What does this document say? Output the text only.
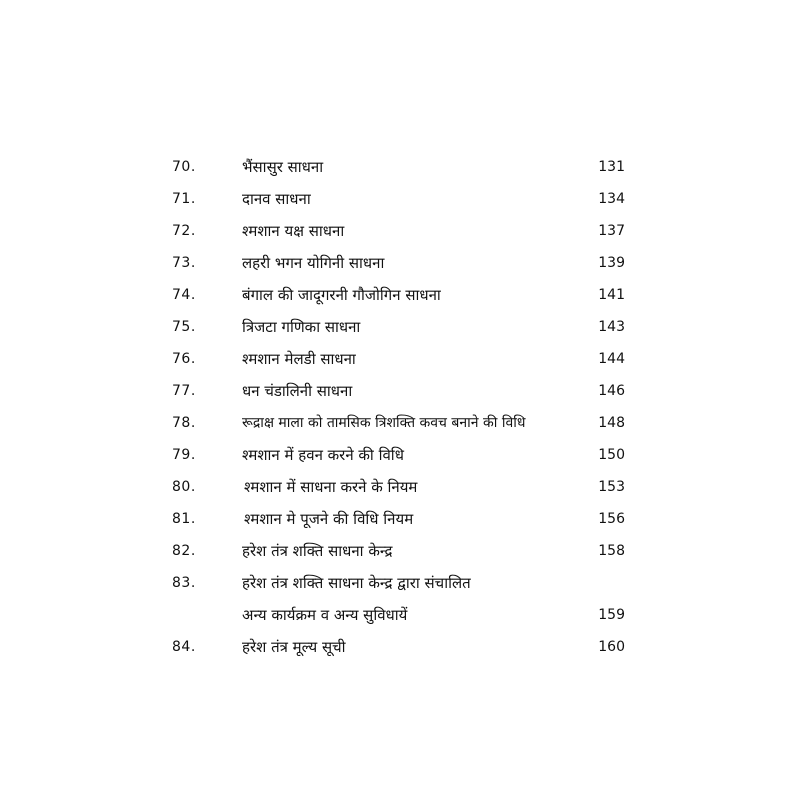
70.	भैंसासुर साधना	131
71.	दानव साधना	134
72.	श्मशान यक्ष साधना	137
73.	लहरी भगन योगिनी साधना	139
74.	बंगाल की जादूगरनी गौजोगिन साधना	141
75.	त्रिजटा गणिका साधना	143
76.	श्मशान मेलडी साधना	144
77.	धन चंडालिनी साधना	146
78.	रूद्राक्ष माला को तामसिक त्रिशक्ति कवच बनाने की विधि	148
79.	श्मशान में हवन करने की विधि	150
80.	श्मशान में साधना करने के नियम	153
81.	श्मशान मे पूजने की विधि नियम	156
82.	हरेश तंत्र शक्ति साधना केन्द्र	158
83.	हरेश तंत्र शक्ति साधना केन्द्र द्वारा संचालित
अन्य कार्यक्रम व अन्य सुविधायें	159
84.	हरेश तंत्र मूल्य सूची	160
